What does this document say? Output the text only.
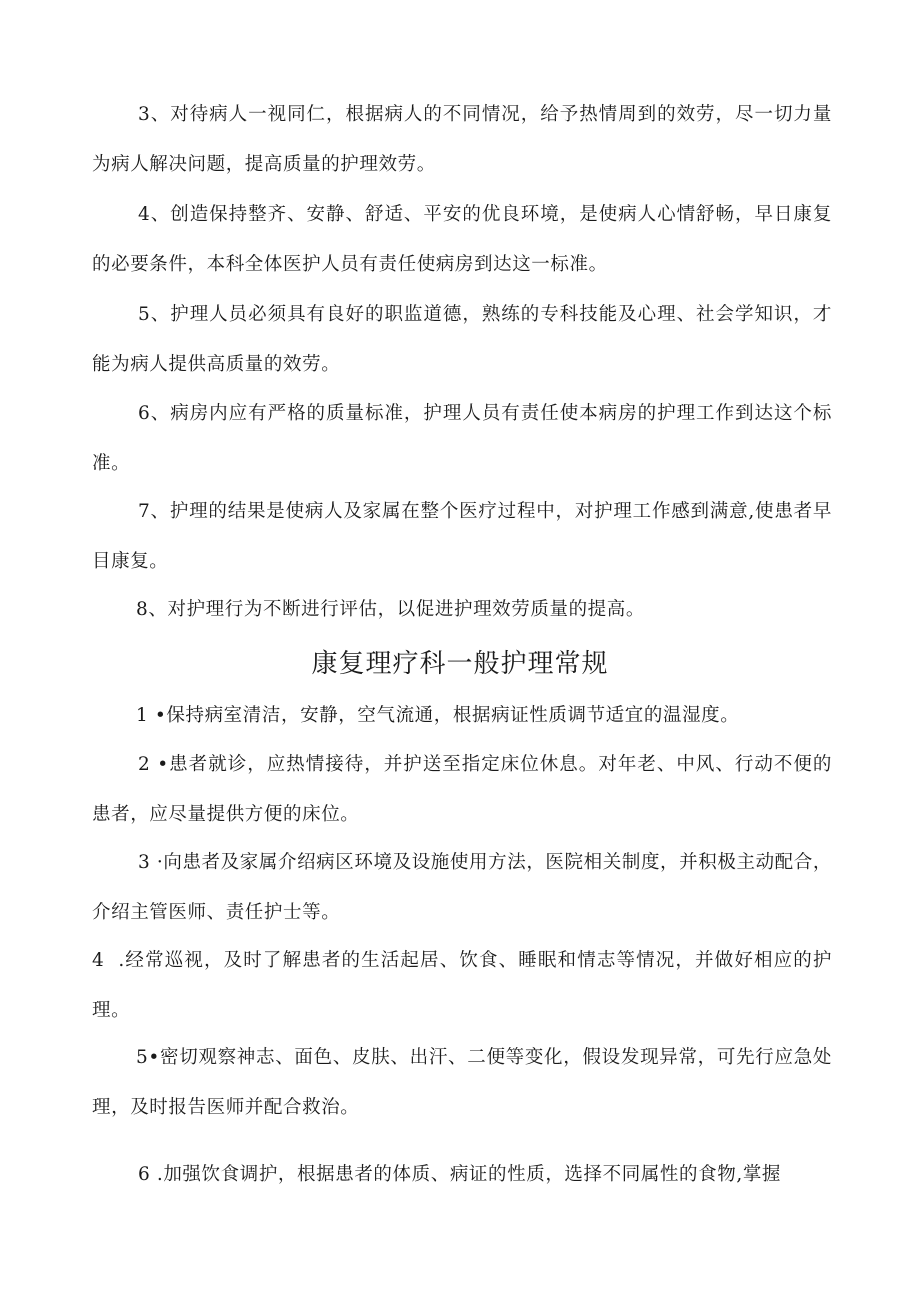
3、对待病人一视同仁，根据病人的不同情况，给予热情周到的效劳，尽一切力量为病人解决问题，提高质量的护理效劳。

4、创造保持整齐、安静、舒适、平安的优良环境，是使病人心情舒畅，早日康复的必要条件，本科全体医护人员有责任使病房到达这一标准。

5、护理人员必须具有良好的职监道德，熟练的专科技能及心理、社会学知识，才能为病人提供高质量的效劳。

6、病房内应有严格的质量标准，护理人员有责任使本病房的护理工作到达这个标准。

7、护理的结果是使病人及家属在整个医疗过程中，对护理工作感到满意,使患者早目康复。

8、对护理行为不断进行评估，以促进护理效劳质量的提高。

康复理疗科一般护理常规

1 •保持病室清洁，安静，空气流通，根据病证性质调节适宜的温湿度。

2 •患者就诊，应热情接待，并护送至指定床位休息。对年老、中风、行动不便的患者，应尽量提供方便的床位。

3 ·向患者及家属介绍病区环境及设施使用方法，医院相关制度，并积极主动配合，介绍主管医师、责任护士等。

4  .经常巡视，及时了解患者的生活起居、饮食、睡眠和情志等情况，并做好相应的护理。

5•密切观察神志、面色、皮肤、出汗、二便等变化，假设发现异常，可先行应急处理，及时报告医师并配合救治。

6 .加强饮食调护，根据患者的体质、病证的性质，选择不同属性的食物,掌握
